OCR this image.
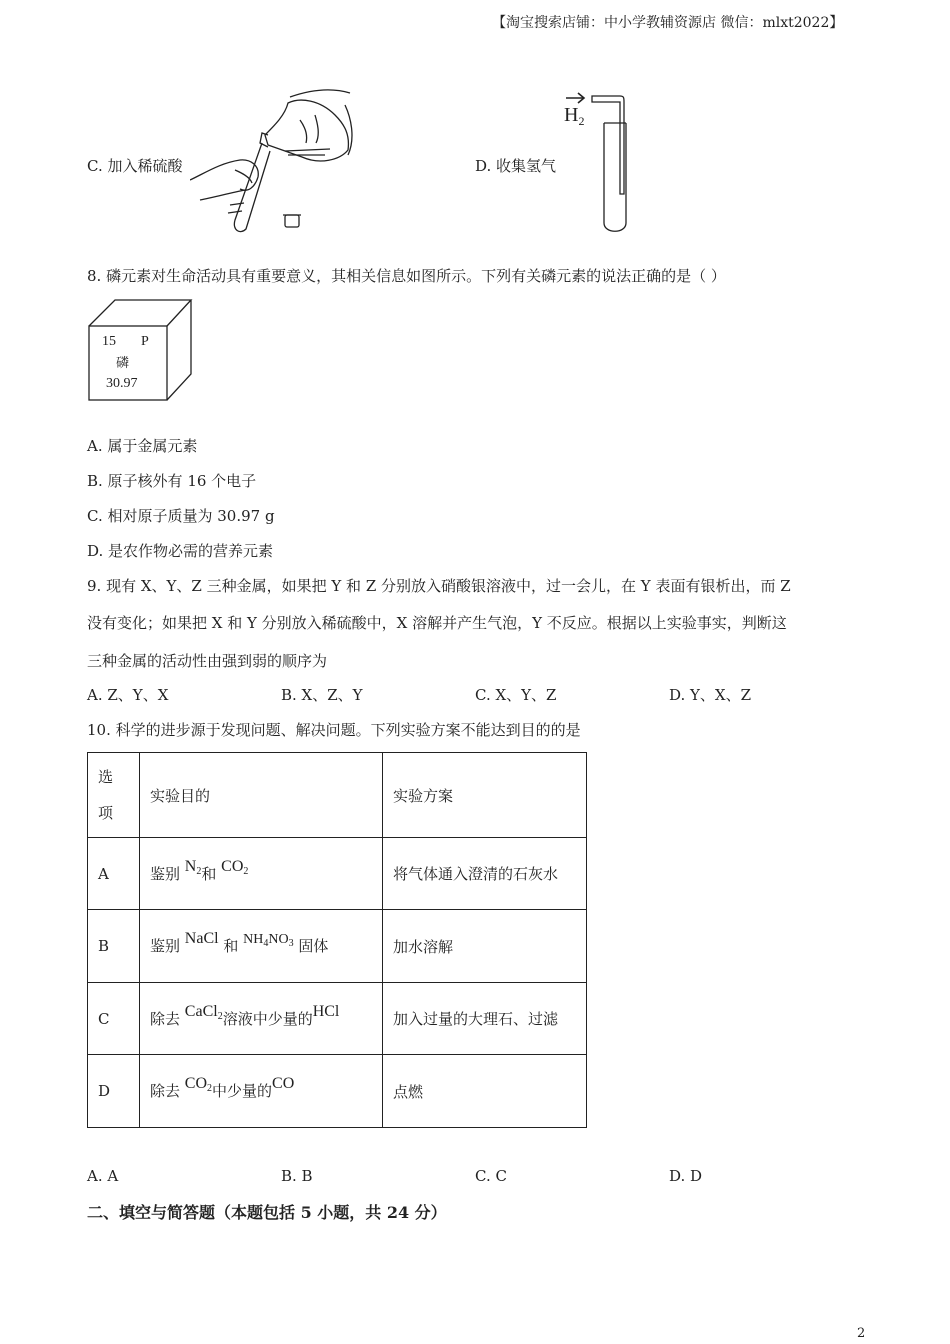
【淘宝搜索店铺：中小学教辅资源店 微信：mlxt2022】
C. 加入稀硫酸	D. 收集氢气
$H_2$
8. 磷元素对生命活动具有重要意义，其相关信息如图所示。下列有关磷元素的说法正确的是（ ）
15 P
磷
30.97
A. 属于金属元素
B. 原子核外有 16 个电子
C. 相对原子质量为 30.97 g
D. 是农作物必需的营养元素
9. 现有 X、Y、Z 三种金属，如果把 Y 和 Z 分别放入硝酸银溶液中，过一会儿，在 Y 表面有银析出，而 Z
没有变化；如果把 X 和 Y 分别放入稀硫酸中，X 溶解并产生气泡，Y 不反应。根据以上实验事实，判断这
三种金属的活动性由强到弱的顺序为
A. Z、Y、X	B. X、Z、Y	C. X、Y、Z	D. Y、X、Z
10. 科学的进步源于发现问题、解决问题。下列实验方案不能达到目的的是
选
项	实验目的	实验方案
A	鉴别 $N_2$和 $CO_2$	将气体通入澄清的石灰水
B	鉴别 NaCl 和 $NH_4NO_3$ 固体	加水溶解
C	除去 CaCl$_2$溶液中少量的HCl	加入过量的大理石、过滤
D	除去 $CO_2$中少量的CO	点燃
A. A	B. B	C. C	D. D
二、填空与简答题（本题包括 5 小题，共 24 分）
2
